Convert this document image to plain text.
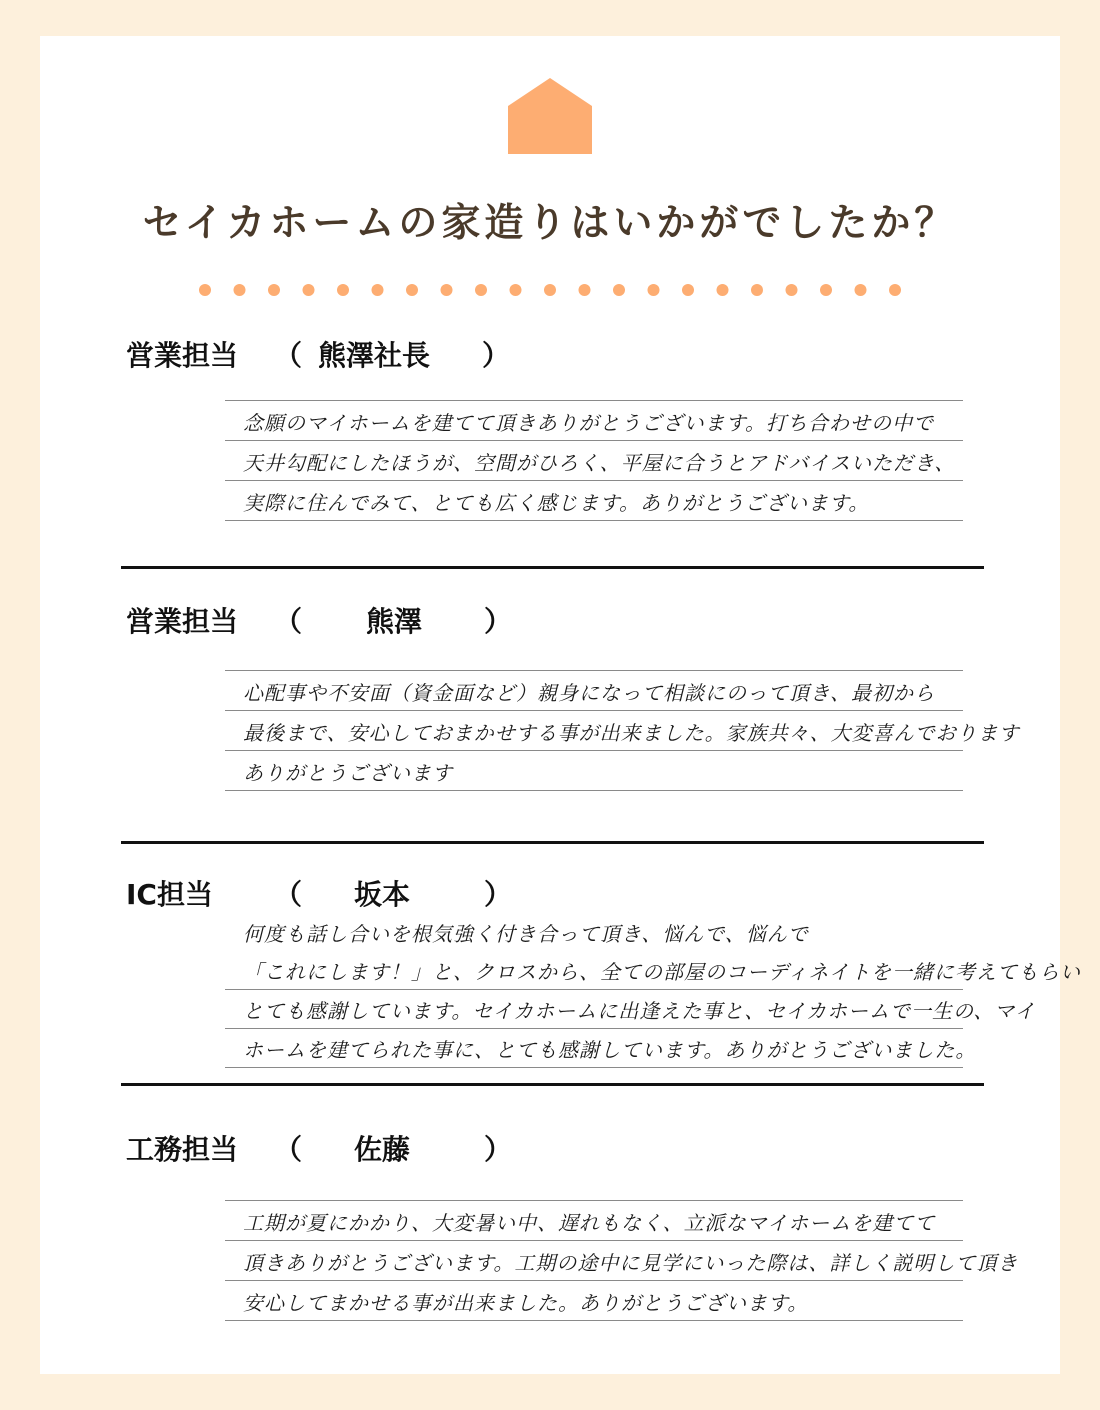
セイカホームの家造りはいかがでしたか？
営業担当 （ 熊澤社長 ）
念願のマイホームを建てて頂きありがとうございます。打ち合わせの中で
天井勾配にしたほうが、空間がひろく、平屋に合うとアドバイスいただき、
実際に住んでみて、とても広く感じます。ありがとうございます。
営業担当 （ 熊澤 ）
心配事や不安面（資金面など）親身になって相談にのって頂き、最初から
最後まで、安心しておまかせする事が出来ました。家族共々、大変喜んでおります
ありがとうございます
IC担当 （ 坂本	）
何度も話し合いを根気強く付き合って頂き、悩んで、悩んで
「これにします！」と、クロスから、全ての部屋のコーディネイトを一緒に考えてもらい
とても感謝しています。セイカホームに出逢えた事と、セイカホームで一生の、マイ
ホームを建てられた事に、とても感謝しています。ありがとうございました。
工務担当 （ 佐藤	）
工期が夏にかかり、大変暑い中、遅れもなく、立派なマイホームを建てて
頂きありがとうございます。工期の途中に見学にいった際は、詳しく説明して頂き
安心してまかせる事が出来ました。ありがとうございます。
